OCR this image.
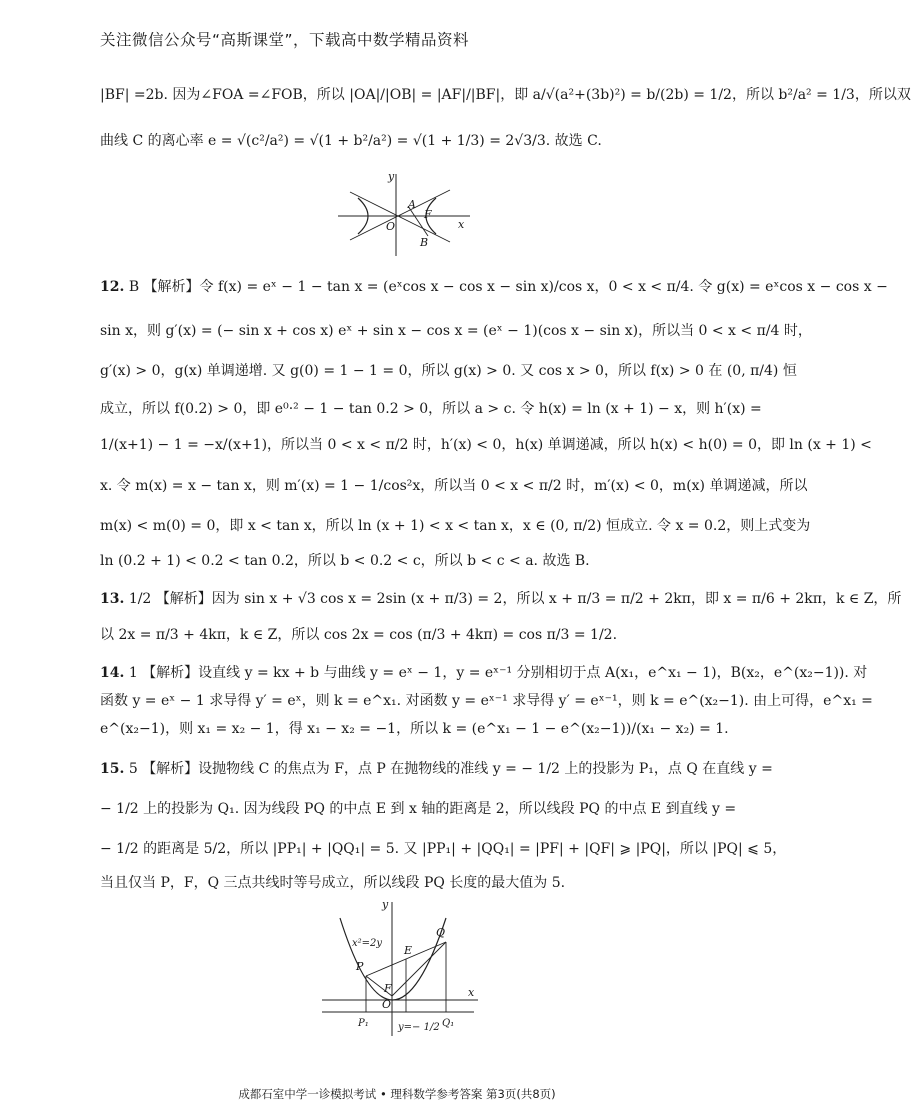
关注微信公众号“高斯课堂”，下载高中数学精品资料
|BF| =2b. 因为∠FOA =∠FOB，所以 |OA|/|OB| = |AF|/|BF|，即 a/√(a²+(3b)²) = b/(2b) = 1/2，所以 b²/a² = 1/3，所以双
曲线 C 的离心率 e = √(c²/a²) = √(1 + b²/a²) = √(1 + 1/3) = 2√3/3. 故选 C.
y
x
O
A
F
B
12. B 【解析】令 f(x) = eˣ − 1 − tan x = (eˣcos x − cos x − sin x)/cos x，0 < x < π/4. 令 g(x) = eˣcos x − cos x −
sin x，则 g′(x) = (− sin x + cos x) eˣ + sin x − cos x = (eˣ − 1)(cos x − sin x)，所以当 0 < x < π/4 时，
g′(x) > 0，g(x) 单调递增. 又 g(0) = 1 − 1 = 0，所以 g(x) > 0. 又 cos x > 0，所以 f(x) > 0 在 (0, π/4) 恒
成立，所以 f(0.2) > 0，即 e⁰·² − 1 − tan 0.2 > 0，所以 a > c. 令 h(x) = ln (x + 1) − x，则 h′(x) =
1/(x+1) − 1 = −x/(x+1)，所以当 0 < x < π/2 时，h′(x) < 0，h(x) 单调递减，所以 h(x) < h(0) = 0，即 ln (x + 1) <
x. 令 m(x) = x − tan x，则 m′(x) = 1 − 1/cos²x，所以当 0 < x < π/2 时，m′(x) < 0，m(x) 单调递减，所以
m(x) < m(0) = 0，即 x < tan x，所以 ln (x + 1) < x < tan x，x ∈ (0, π/2) 恒成立. 令 x = 0.2，则上式变为
ln (0.2 + 1) < 0.2 < tan 0.2，所以 b < 0.2 < c，所以 b < c < a. 故选 B.
13. 1/2 【解析】因为 sin x + √3 cos x = 2sin (x + π/3) = 2，所以 x + π/3 = π/2 + 2kπ，即 x = π/6 + 2kπ，k ∈ Z，所
以 2x = π/3 + 4kπ，k ∈ Z，所以 cos 2x = cos (π/3 + 4kπ) = cos π/3 = 1/2.
14. 1 【解析】设直线 y = kx + b 与曲线 y = eˣ − 1，y = eˣ⁻¹ 分别相切于点 A(x₁，e^x₁ − 1)，B(x₂，e^(x₂−1)). 对
函数 y = eˣ − 1 求导得 y′ = eˣ，则 k = e^x₁. 对函数 y = eˣ⁻¹ 求导得 y′ = eˣ⁻¹，则 k = e^(x₂−1). 由上可得，e^x₁ =
e^(x₂−1)，则 x₁ = x₂ − 1，得 x₁ − x₂ = −1，所以 k = (e^x₁ − 1 − e^(x₂−1))/(x₁ − x₂) = 1.
15. 5 【解析】设抛物线 C 的焦点为 F，点 P 在抛物线的准线 y = − 1/2 上的投影为 P₁，点 Q 在直线 y =
− 1/2 上的投影为 Q₁. 因为线段 PQ 的中点 E 到 x 轴的距离是 2，所以线段 PQ 的中点 E 到直线 y =
− 1/2 的距离是 5/2，所以 |PP₁| + |QQ₁| = 5. 又 |PP₁| + |QQ₁| = |PF| + |QF| ⩾ |PQ|，所以 |PQ| ⩽ 5，
当且仅当 P，F，Q 三点共线时等号成立，所以线段 PQ 长度的最大值为 5.
y
x
O
x²=2y
P
E
Q
F
P₁	Q₁
y=− 1/2
成都石室中学一诊模拟考试 • 理科数学参考答案 第3页(共8页)
